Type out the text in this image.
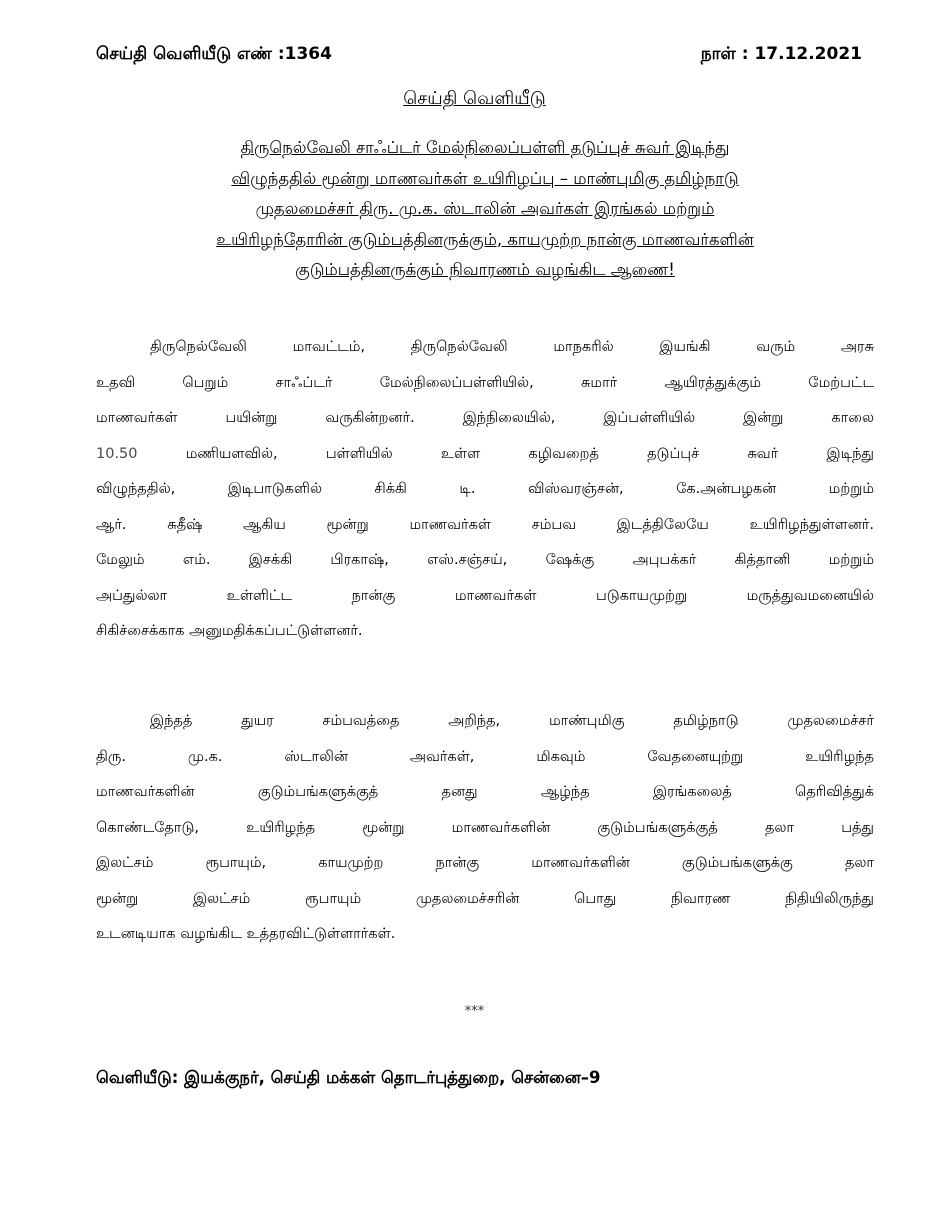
செய்தி வெளியீடு எண் :1364	நாள் : 17.12.2021
செய்தி வெளியீடு
திருநெல்வேலி சாஃப்டர் மேல்நிலைப்பள்ளி தடுப்புச் சுவர் இடிந்து
விழுந்ததில் மூன்று மாணவர்கள் உயிரிழப்பு – மாண்புமிகு தமிழ்நாடு
முதலமைச்சர் திரு. மு.க. ஸ்டாலின் அவர்கள் இரங்கல் மற்றும்
உயிரிழந்தோரின் குடும்பத்தினருக்கும், காயமுற்ற நான்கு மாணவர்களின்
குடும்பத்தினருக்கும் நிவாரணம் வழங்கிட ஆணை!
திருநெல்வேலி மாவட்டம், திருநெல்வேலி மாநகரில் இயங்கி வரும் அரசு
உதவி பெறும் சாஃப்டர் மேல்நிலைப்பள்ளியில், சுமார் ஆயிரத்துக்கும் மேற்பட்ட
மாணவர்கள் பயின்று வருகின்றனர். இந்நிலையில், இப்பள்ளியில் இன்று காலை
10.50 மணியளவில், பள்ளியில் உள்ள கழிவறைத் தடுப்புச் சுவர் இடிந்து
விழுந்ததில், இடிபாடுகளில் சிக்கி டி. விஸ்வரஞ்சன், கே.அன்பழகன் மற்றும்
ஆர். சுதீஷ் ஆகிய மூன்று மாணவர்கள் சம்பவ இடத்திலேயே உயிரிழந்துள்ளனர்.
மேலும் எம். இசக்கி பிரகாஷ், எஸ்.சஞ்சய், ஷேக்கு அபுபக்கர் கித்தானி மற்றும்
அப்துல்லா உள்ளிட்ட நான்கு மாணவர்கள் படுகாயமுற்று மருத்துவமனையில்
சிகிச்சைக்காக அனுமதிக்கப்பட்டுள்ளனர்.
இந்தத் துயர சம்பவத்தை அறிந்த, மாண்புமிகு தமிழ்நாடு முதலமைச்சர்
திரு. மு.க. ஸ்டாலின் அவர்கள், மிகவும் வேதனையுற்று உயிரிழந்த
மாணவர்களின் குடும்பங்களுக்குத் தனது ஆழ்ந்த இரங்கலைத் தெரிவித்துக்
கொண்டதோடு, உயிரிழந்த மூன்று மாணவர்களின் குடும்பங்களுக்குத் தலா பத்து
இலட்சம் ரூபாயும், காயமுற்ற நான்கு மாணவர்களின் குடும்பங்களுக்கு தலா
மூன்று இலட்சம் ரூபாயும் முதலமைச்சரின் பொது நிவாரண நிதியிலிருந்து
உடனடியாக வழங்கிட உத்தரவிட்டுள்ளார்கள்.
***
வெளியீடு: இயக்குநர், செய்தி மக்கள் தொடர்புத்துறை, சென்னை–9
